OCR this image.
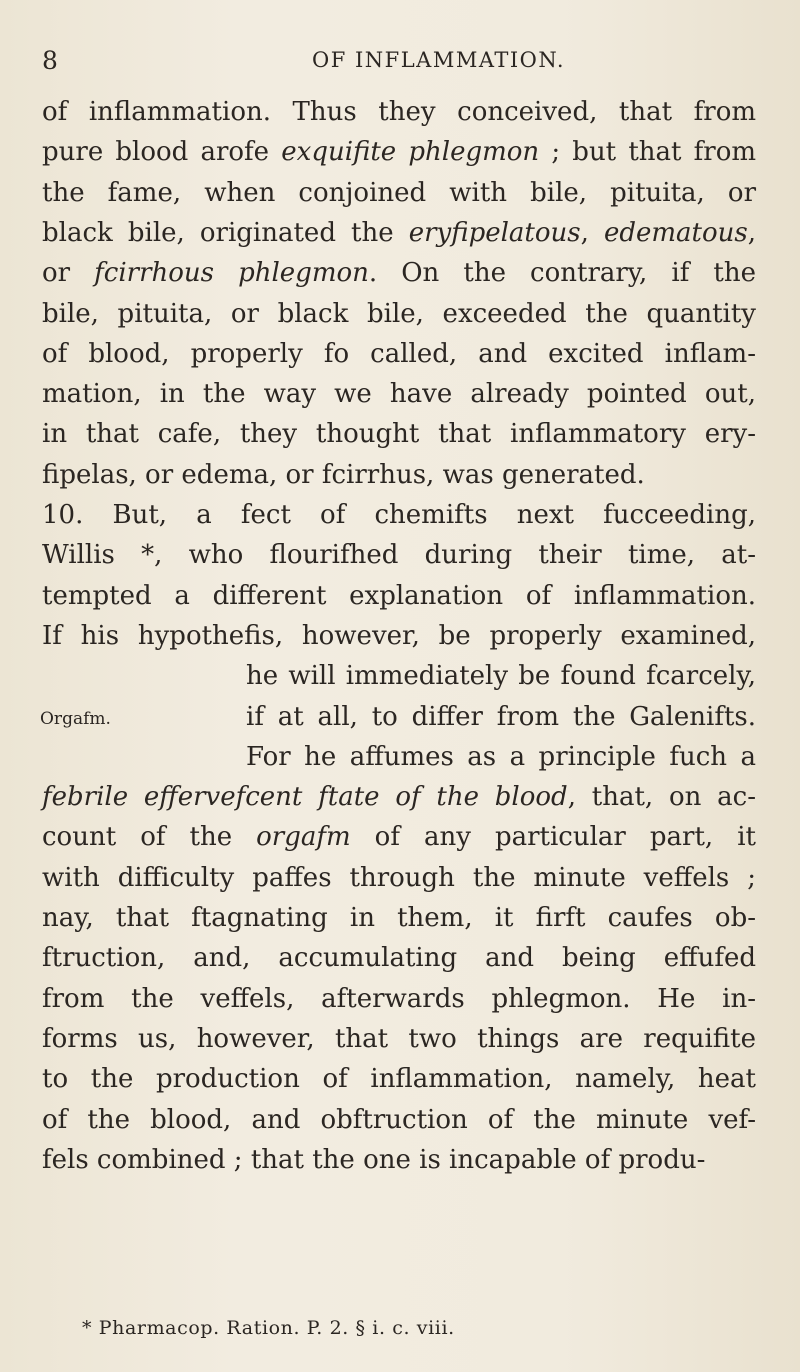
8	OF INFLAMMATION.
of inflammation. Thus they conceived, that from
pure blood arofe exquifite phlegmon ; but that from
the fame, when conjoined with bile, pituita, or
black bile, originated the eryfipelatous, edematous,
or fcirrhous phlegmon. On the contrary, if the
bile, pituita, or black bile, exceeded the quantity
of blood, properly fo called, and excited inflam-
mation, in the way we have already pointed out,
in that cafe, they thought that inflammatory ery-
fipelas, or edema, or fcirrhus, was generated.
10. But, a fect of chemifts next fucceeding,
Willis *, who flourifhed during their time, at-
tempted a different explanation of inflammation.
If his hypothefis, however, be properly examined,
he will immediately be found fcarcely,
if at all, to differ from the Galenifts.
For he affumes as a principle fuch a
febrile effervefcent ftate of the blood, that, on ac-
count of the orgafm of any particular part, it
with difficulty paffes through the minute veffels ;
nay, that ftagnating in them, it firft caufes ob-
ftruction, and, accumulating and being effufed
from the veffels, afterwards phlegmon. He in-
forms us, however, that two things are requifite
to the production of inflammation, namely, heat
of the blood, and obftruction of the minute vef-
fels combined ; that the one is incapable of produ-
Orgafm.
* Pharmacop. Ration. P. 2. § i. c. viii.
